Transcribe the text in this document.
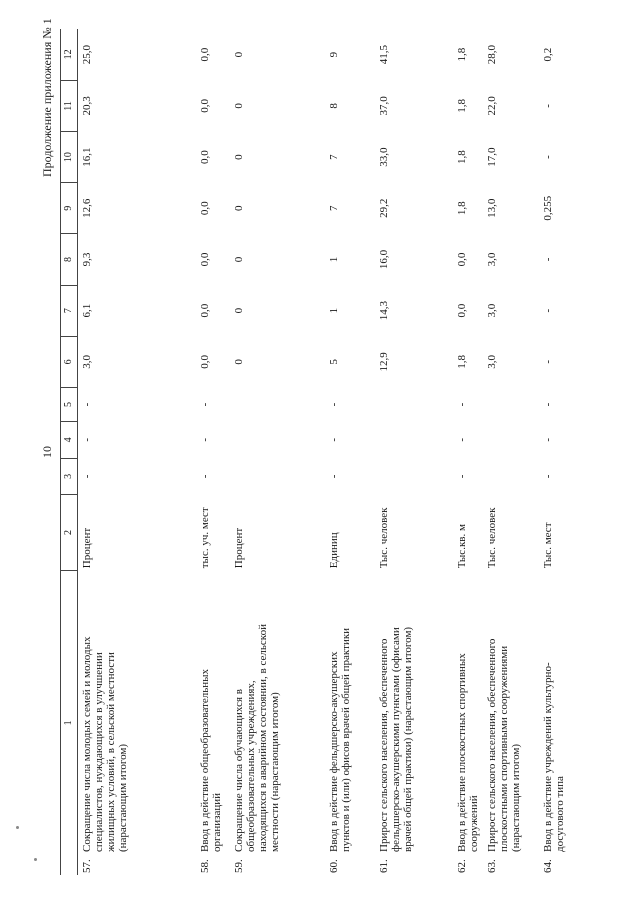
10
Продолжение приложения № 1
1	2	3	4	5	6	7	8	9	10	11	12
57.Сокращение числа молодых семей и молодых специалистов, нуждающихся в улучшении жилищных условий, в сельской местности (нарастающим итогом)	Процент	-	-	-	3,0	6,1	9,3	12,6	16,1	20,3	25,0
58.Ввод в действие общеобразовательных организаций	тыс. уч. мест	-	-	-	0,0	0,0	0,0	0,0	0,0	0,0	0,0
59.Сокращение числа обучающихся в общеобразовательных учреждениях, находящихся в аварийном состоянии, в сельской местности (нарастающим итогом)	Процент				0	0	0	0	0	0	0
60.Ввод в действие фельдшерско-акушерских пунктов и (или) офисов врачей общей практики	Единиц	-	-	-	5	1	1	7	7	8	9
61.Прирост сельского населения, обеспеченного фельдшерско-акушерскими пунктами (офисами врачей общей практики) (нарастающим итогом)	Тыс. человек				12,9	14,3	16,0	29,2	33,0	37,0	41,5
62.Ввод в действие плоскостных спортивных сооружений	Тыс.кв. м	-	-	-	1,8	0,0	0,0	1,8	1,8	1,8	1,8
63.Прирост сельского населения, обеспеченного плоскостными спортивными сооружениями (нарастающим итогом)	Тыс. человек				3,0	3,0	3,0	13,0	17,0	22,0	28,0
64.Ввод в действие учреждений культурно-досугового типа	Тыс. мест	-	-	-	-	-	-	0,255	-	-	0,2
